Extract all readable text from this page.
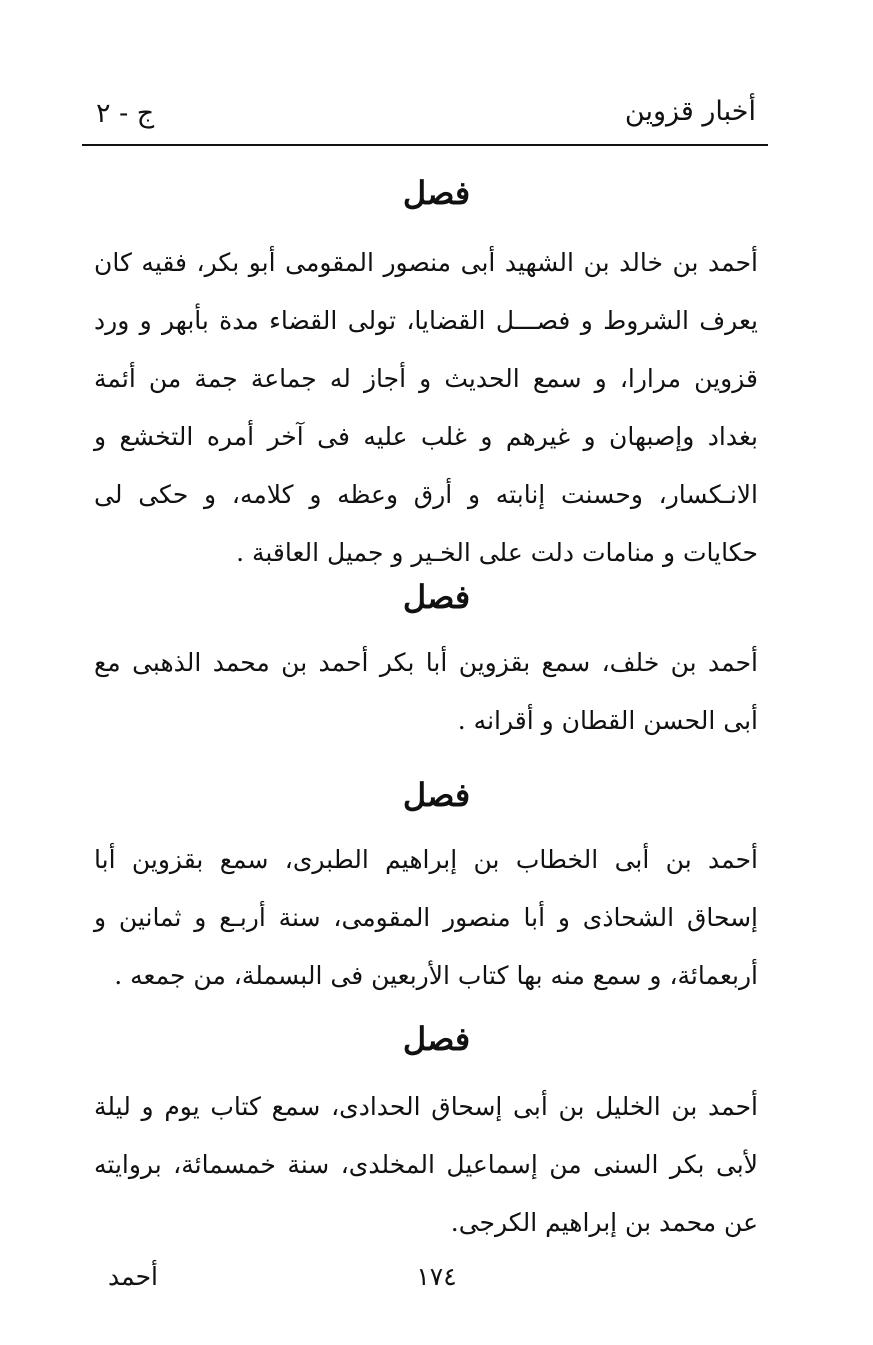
أخبار قزوين
ج - ٢
فصل
أحمد بن خالد بن الشهيد أبى منصور المقومى أبو بكر، فقيه كان يعرف الشروط و فصـــل القضايا، تولى القضاء مدة بأبهر و ورد قزوين مرارا، و سمع الحديث و أجاز له جماعة جمة من أئمة بغداد وإصبهان و غيرهم و غلب عليه فى آخر أمره التخشع و الانـكسار، وحسنت إنابته و أرق وعظه و كلامه، و حكى لى حكايات و منامات دلت على الخـير و جميل العاقبة .
فصل
أحمد بن خلف، سمع بقزوين أبا بكر أحمد بن محمد الذهبى مع أبى الحسن القطان و أقرانه .
فصل
أحمد بن أبى الخطاب بن إبراهيم الطبرى، سمع بقزوين أبا إسحاق الشحاذى و أبا منصور المقومى، سنة أربـع و ثمانين و أربعمائة، و سمع منه بها كتاب الأربعين فى البسملة، من جمعه .
فصل
أحمد بن الخليل بن أبى إسحاق الحدادى، سمع كتاب يوم و ليلة لأبى بكر السنى من إسماعيل المخلدى، سنة خمسمائة، بروايته عن محمد بن إبراهيم الكرجى.
أحمد	١٧٤
